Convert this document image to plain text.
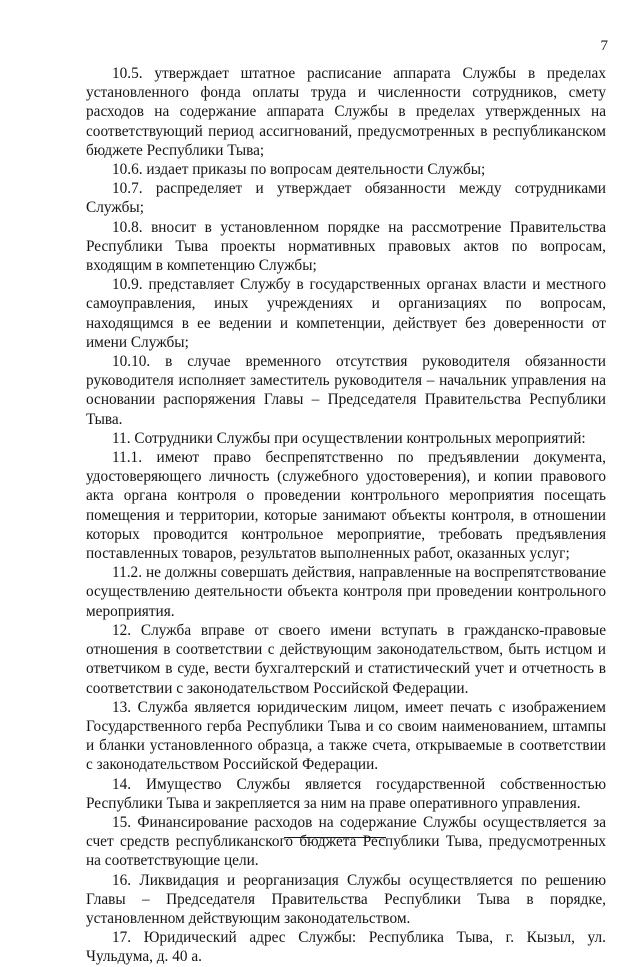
7

10.5. утверждает штатное расписание аппарата Службы в пределах установленного фонда оплаты труда и численности сотрудников, смету расходов на содержание аппарата Службы в пределах утвержденных на соответствующий период ассигнований, предусмотренных в республиканском бюджете Республики Тыва;

10.6. издает приказы по вопросам деятельности Службы;

10.7. распределяет и утверждает обязанности между сотрудниками Службы;

10.8. вносит в установленном порядке на рассмотрение Правительства Республики Тыва проекты нормативных правовых актов по вопросам, входящим в компетенцию Службы;

10.9. представляет Службу в государственных органах власти и местного самоуправления, иных учреждениях и организациях по вопросам, находящимся в ее ведении и компетенции, действует без доверенности от имени Службы;

10.10. в случае временного отсутствия руководителя обязанности руководителя исполняет заместитель руководителя – начальник управления на основании распоряжения Главы – Председателя Правительства Республики Тыва.

11. Сотрудники Службы при осуществлении контрольных мероприятий:

11.1. имеют право беспрепятственно по предъявлении документа, удостоверяющего личность (служебного удостоверения), и копии правового акта органа контроля о проведении контрольного мероприятия посещать помещения и территории, которые занимают объекты контроля, в отношении которых проводится контрольное мероприятие, требовать предъявления поставленных товаров, результатов выполненных работ, оказанных услуг;

11.2. не должны совершать действия, направленные на воспрепятствование осуществлению деятельности объекта контроля при проведении контрольного мероприятия.

12. Служба вправе от своего имени вступать в гражданско-правовые отношения в соответствии с действующим законодательством, быть истцом и ответчиком в суде, вести бухгалтерский и статистический учет и отчетность в соответствии с законодательством Российской Федерации.

13. Служба является юридическим лицом, имеет печать с изображением Государственного герба Республики Тыва и со своим наименованием, штампы и бланки установленного образца, а также счета, открываемые в соответствии с законодательством Российской Федерации.

14. Имущество Службы является государственной собственностью Республики Тыва и закрепляется за ним на праве оперативного управления.

15. Финансирование расходов на содержание Службы осуществляется за счет средств республиканского бюджета Республики Тыва, предусмотренных на соответствующие цели.

16. Ликвидация и реорганизация Службы осуществляется по решению Главы – Председателя Правительства Республики Тыва в порядке, установленном действующим законодательством.

17. Юридический адрес Службы: Республика Тыва, г. Кызыл, ул. Чульдума, д. 40 а.
